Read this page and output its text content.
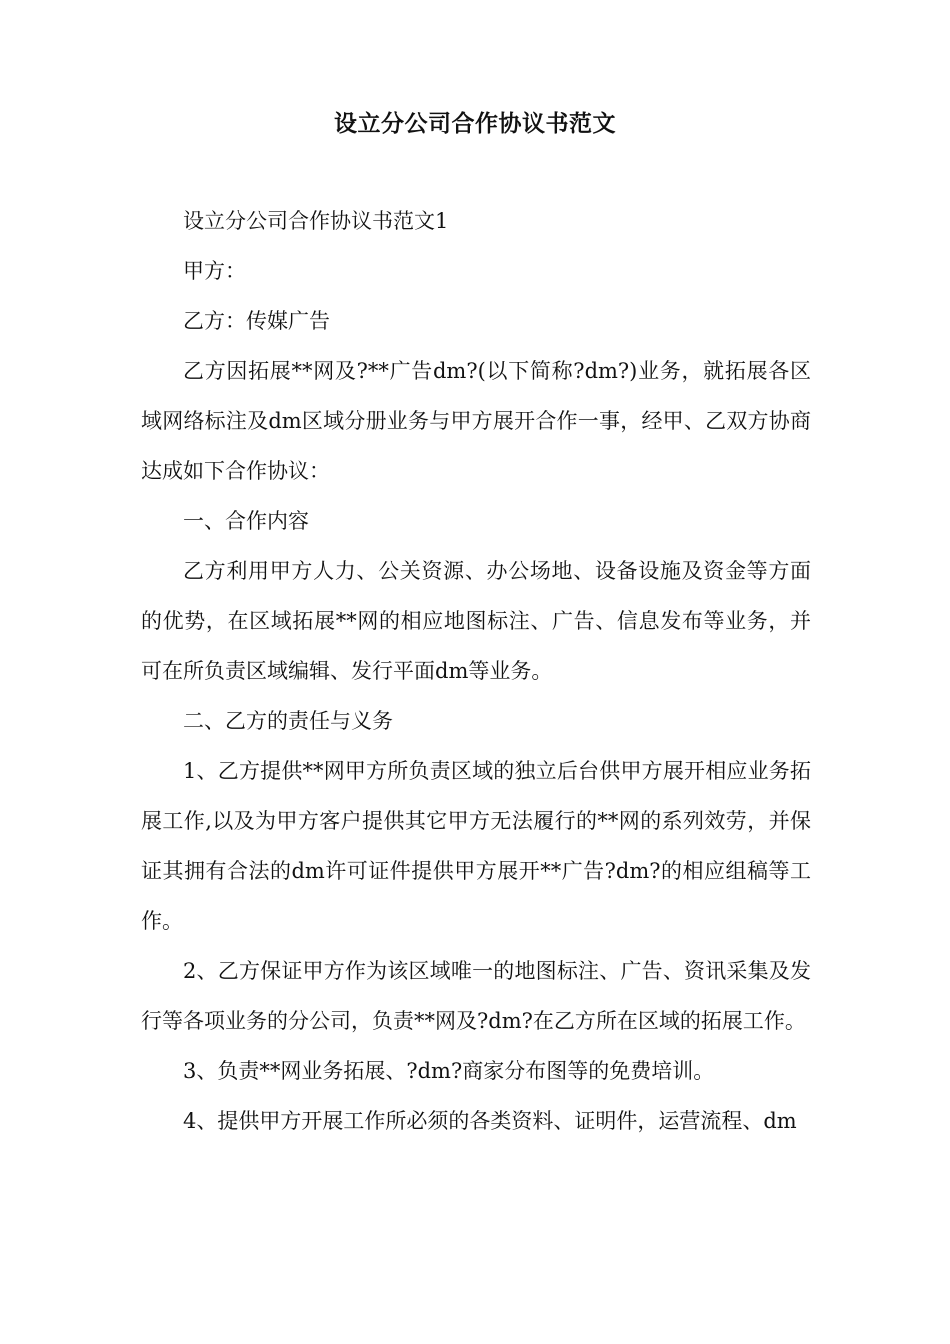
设立分公司合作协议书范文

设立分公司合作协议书范文1

甲方：

乙方：传媒广告

乙方因拓展**网及?**广告dm?(以下简称?dm?)业务，就拓展各区域网络标注及dm区域分册业务与甲方展开合作一事，经甲、乙双方协商达成如下合作协议：

一、合作内容

乙方利用甲方人力、公关资源、办公场地、设备设施及资金等方面的优势，在区域拓展**网的相应地图标注、广告、信息发布等业务，并可在所负责区域编辑、发行平面dm等业务。

二、乙方的责任与义务

1、乙方提供**网甲方所负责区域的独立后台供甲方展开相应业务拓展工作,以及为甲方客户提供其它甲方无法履行的**网的系列效劳，并保证其拥有合法的dm许可证件提供甲方展开**广告?dm?的相应组稿等工作。

2、乙方保证甲方作为该区域唯一的地图标注、广告、资讯采集及发行等各项业务的分公司，负责**网及?dm?在乙方所在区域的拓展工作。

3、负责**网业务拓展、?dm?商家分布图等的免费培训。

4、提供甲方开展工作所必须的各类资料、证明件，运营流程、dm
